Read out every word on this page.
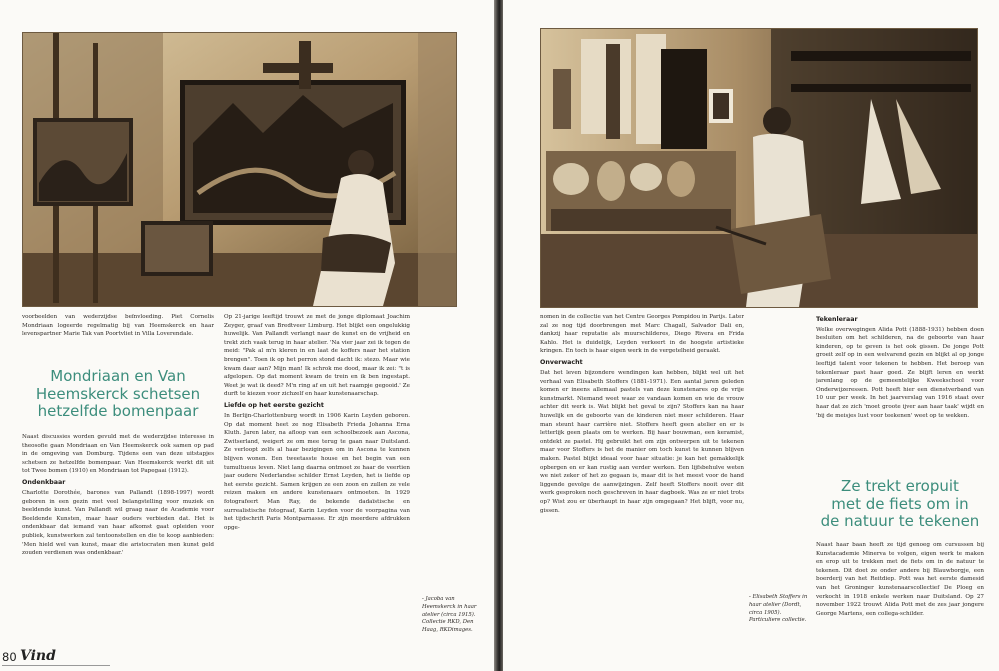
voorbeelden van wederzijdse beïnvloeding. Piet Cornelis Mondriaan logeerde regelmatig bij van Heemskerck en haar levenspartner Marie Tak van Poortvliet in Villa Loverendale.

Mondriaan en Van
Heemskerck schetsen
hetzelfde bomenpaar

Naast discussies worden gevuld met de wederzijdse interesse in theosofie gaan Mondriaan en Van Heemskerck ook samen op pad in de omgeving van Domburg. Tijdens een van deze uitstapjes schetsen ze hetzelfde bomenpaar. Van Heemskerck werkt dit uit tot Twee bomen (1910) en Mondriaan tot Papegaai (1912).

Ondenkbaar

Charlotte Dorothée, barones van Pallandt (1898-1997) wordt geboren in een gezin met veel belangstelling voor muziek en beeldende kunst. Van Pallandt wil graag naar de Academie voor Beeldende Kunsten, maar haar ouders verbieden dat. Het is ondenkbaar dat iemand van haar afkomst gaat opleiden voor publiek, kunstwerken zal tentoonstellen en die te koop aanbieden: 'Men hield wel van kunst, maar die aristocraten men kunst geld zouden verdienen was ondenkbaar.'

Op 21-jarige leeftijd trouwt ze met de jonge diplomaat Joachim Zeyger, graaf van Bredtveer Limburg. Het blijkt een ongelukkig huwelijk. Van Pallandt verlangt naar de kunst en de vrijheid en trekt zich vaak terug in haar atelier. 'Na vier jaar zei ik tegen de meid: "Pak al m'n kleren in en laat de koffers naar het station brengen". Toen ik op het perron stond dacht ik: stezo. Maar wie kwam daar aan? Mijn man! Ik schrok me dood, maar ik zei: "t is afgelopen. Op dat moment kwam de trein en ik ben ingestapt. Weet je wat ik deed? M'n ring af en uit het raampje gegooid.' Ze durft te kiezen voor zichzelf en haar kunstenaarschap.

Liefde op het eerste gezicht

In Berlijn-Charlottenburg wordt in 1906 Karin Leyden geboren. Op dat moment heet ze nog Elisabeth Frieda Johanna Erna Kluth. Jaren later, na afloop van een schoolbezoek aan Ascona, Zwitserland, weigert ze om mee terug te gaan naar Duitsland. Ze verloopt zelfs al haar bezigingen om in Ascona te kunnen blijven wonen. Een tweetasste house en het begin van een tumultueus leven. Niet lang daarna ontmoet ze haar de veertien jaar oudere Nederlandse schilder Ernst Leyden, het is liefde op het eerste gezicht. Samen krijgen ze een zoon en zullen ze vele reizen maken en andere kunstenaars ontmoeten. In 1929 fotografeert Man Ray, de bekende dadaïstische en surrealistische fotograaf, Karin Leyden voor de voorpagina van het tijdschrift Paris Montparnasse. Er zijn meerdere afdrukken opge-

- Jacoba van Heemskerck in haar atelier (circa 1915). Collectie RKD, Den Haag, RKDimages.

80 Vind

nomen in de collectie van het Centre Georges Pompidou in Parijs. Later zal ze nog tijd doorbrengen met Marc Chagall, Salvador Dali en, dankzij haar reputatie als muurschilderes, Diego Rivera en Frida Kahlo. Het is duidelijk, Leyden verkeert in de hoogste artistieke kringen. En toch is haar eigen werk in de vergetelheid geraakt.

Onverwacht

Dat het leven bijzondere wendingen kan hebben, blijkt wel uit het verhaal van Elisabeth Stoffers (1881-1971). Een aantal jaren geleden komen er ineens allemaal pastels van deze kunstenares op de vrije kunstmarkt. Niemand weet waar ze vandaan komen en wie de vrouw achter dit werk is. Wat blijkt het geval te zijn? Stoffers kan na haar huwelijk en de geboorte van de kinderen niet meer schilderen. Haar man steunt haar carrière niet. Stoffers heeft geen atelier en er is letterlijk geen plaats om te werken. Bij haar bouwman, een keramist, ontdekt ze pastel. Hij gebruikt het om zijn ontwerpen uit te tekenen maar voor Stoffers is het de manier om toch kunst te kunnen blijven maken. Pastel blijkt ideaal voor haar situatie: je kan het gemakkelijk opbergen en er kan rustig aan verder werken. Een lijfsbehulve weten we niet zeker of het zo gegaan is, maar dit is het meest voor de hand liggende gevolge de aanwijzingen. Zelf heeft Stoffers nooit over dit werk gesproken noch geschreven in haar dagboek. Was ze er niet trots op? Wist zou er überhaupt in haar zijn omgegaan? Het blijft, voor nu, gissen.

- Elisabeth Stoffers in haar atelier (Dordt, circa 1905). Particuliere collectie.

Tekenleraar

Welke overwegingen Alida Pott (1888-1931) hebben doen besluiten om het schilderen, na de geboorte van haar kinderen, op te geven is het ook gissen. De jonge Pott groeit zelf op in een welvarend gezin en blijkt al op jonge leeftijd talent voor tekenen te hebben. Het beroep van tekenleraar past haar goed. Ze blijft leren en werkt jarenlang op de gemeentelijke Kweekschool voor Onderwijzeressen. Pott heeft hier een dienstverband van 10 uur per week. In het jaarverslag van 1916 staat over haar dat ze zich 'moet groote ijver aan haar taak' wijdt en 'bij de meisjes lust voor teekenen' weet op te wekken.

Ze trekt eropuit
met de fiets om in
de natuur te tekenen

Naast haar baan heeft ze tijd genoeg om cursussen bij Kunstacademie Minerva te volgen, eigen werk te maken en erop uit te trekken met de fiets om in de natuur te tekenen. Dit doet ze onder andere bij Blauwborgje, een boerderij van het Reitdiep. Pott was het eerste damesid van het Groninger kunstenaarscollectief De Ploeg en verkocht in 1918 enkele werken naar Duitsland. Op 27 november 1922 trouwt Alida Pott met de zes jaar jongere George Martens, een collega-schilder.
